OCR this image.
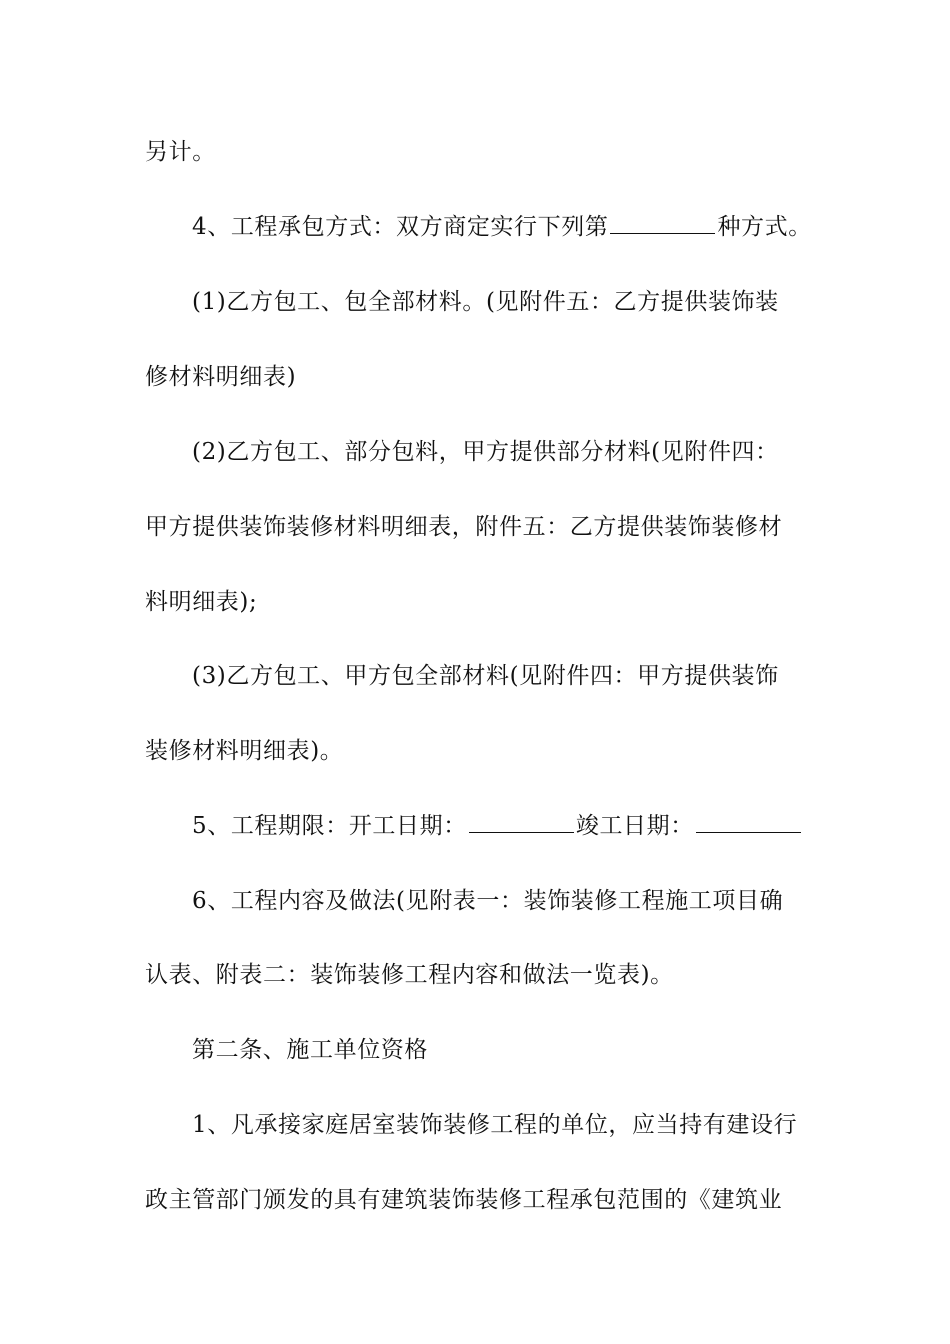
另计。
4、工程承包方式：双方商定实行下列第	种方式。
(1)乙方包工、包全部材料。(见附件五：乙方提供装饰装
修材料明细表)
(2)乙方包工、部分包料，甲方提供部分材料(见附件四：
甲方提供装饰装修材料明细表，附件五：乙方提供装饰装修材
料明细表);
(3)乙方包工、甲方包全部材料(见附件四：甲方提供装饰
装修材料明细表)。
5、工程期限：开工日期：	竣工日期：
6、工程内容及做法(见附表一：装饰装修工程施工项目确
认表、附表二：装饰装修工程内容和做法一览表)。
第二条、施工单位资格
1、凡承接家庭居室装饰装修工程的单位，应当持有建设行
政主管部门颁发的具有建筑装饰装修工程承包范围的《建筑业
